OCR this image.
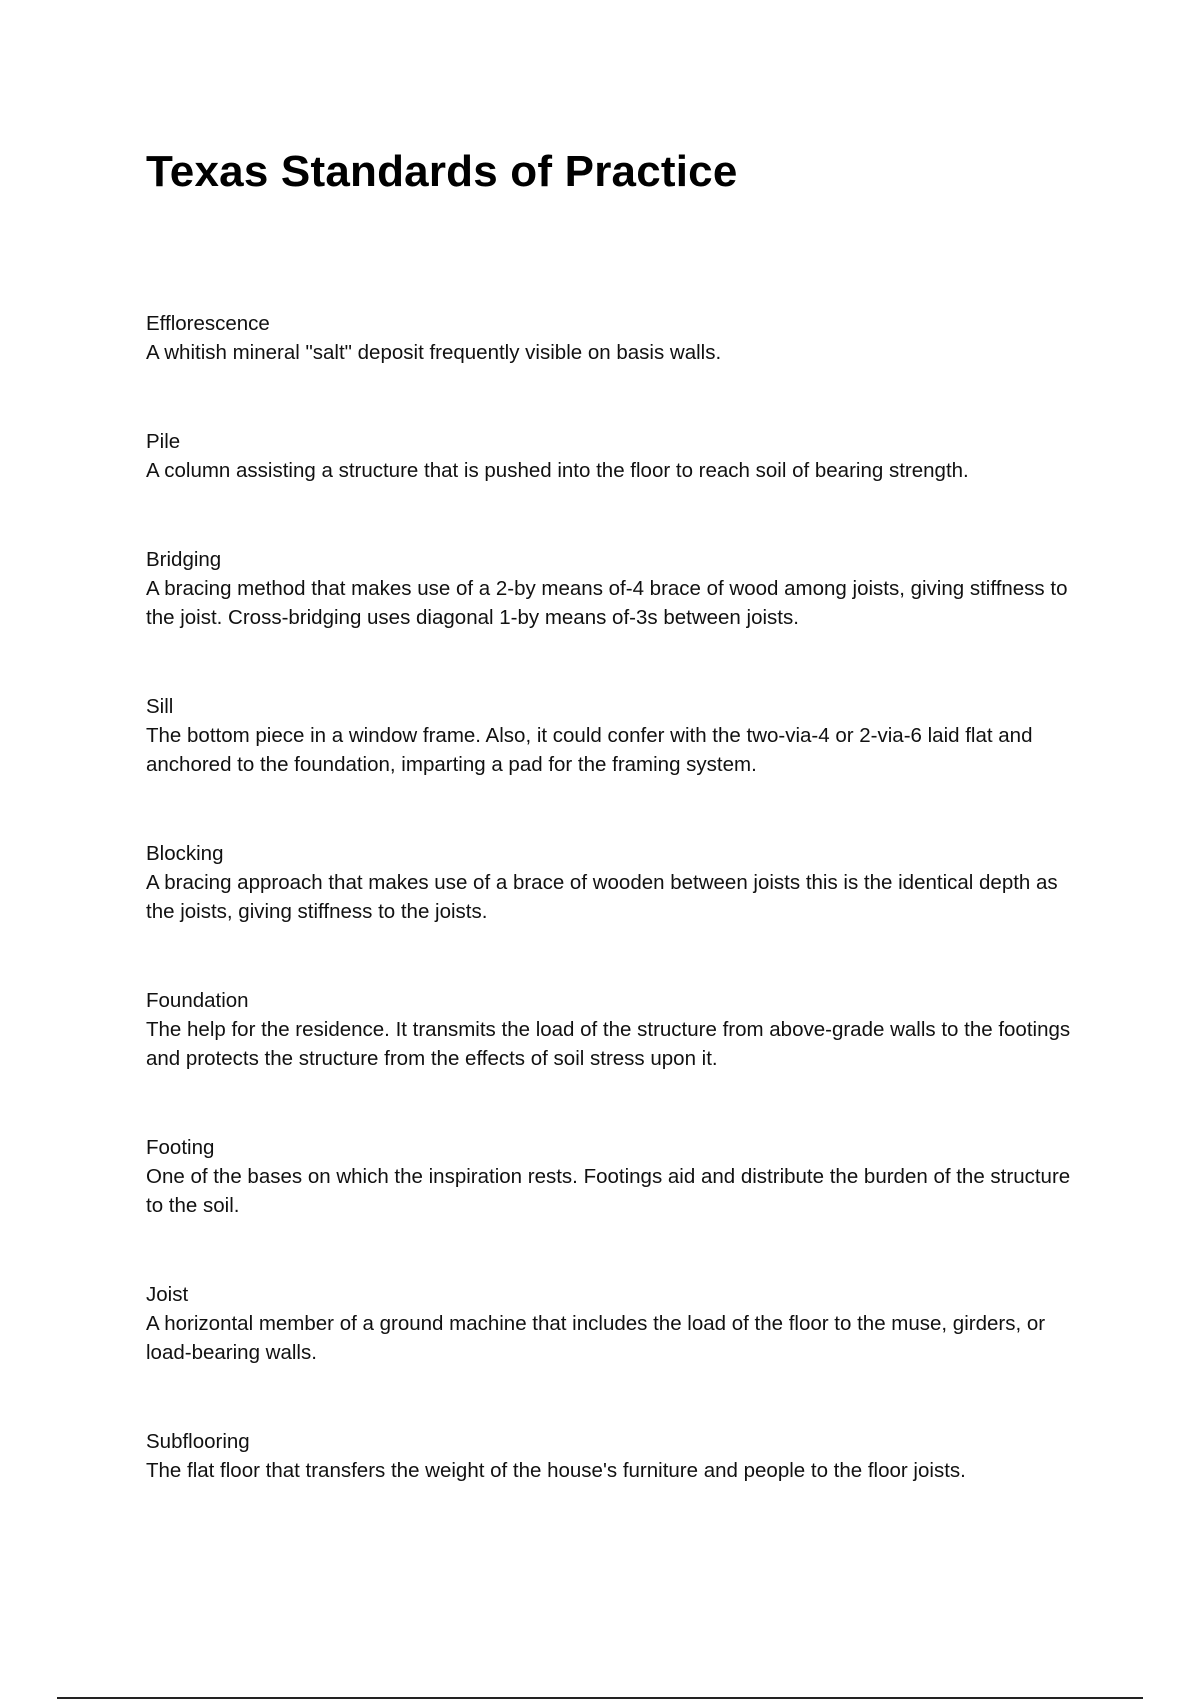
Texas Standards of Practice
Efflorescence
A whitish mineral "salt" deposit frequently visible on basis walls.
Pile
A column assisting a structure that is pushed into the floor to reach soil of bearing strength.
Bridging
A bracing method that makes use of a 2-by means of-4 brace of wood among joists, giving stiffness to the joist. Cross-bridging uses diagonal 1-by means of-3s between joists.
Sill
The bottom piece in a window frame. Also, it could confer with the two-via-4 or 2-via-6 laid flat and anchored to the foundation, imparting a pad for the framing system.
Blocking
A bracing approach that makes use of a brace of wooden between joists this is the identical depth as the joists, giving stiffness to the joists.
Foundation
The help for the residence. It transmits the load of the structure from above-grade walls to the footings and protects the structure from the effects of soil stress upon it.
Footing
One of the bases on which the inspiration rests. Footings aid and distribute the burden of the structure to the soil.
Joist
A horizontal member of a ground machine that includes the load of the floor to the muse, girders, or load-bearing walls.
Subflooring
The flat floor that transfers the weight of the house's furniture and people to the floor joists.
